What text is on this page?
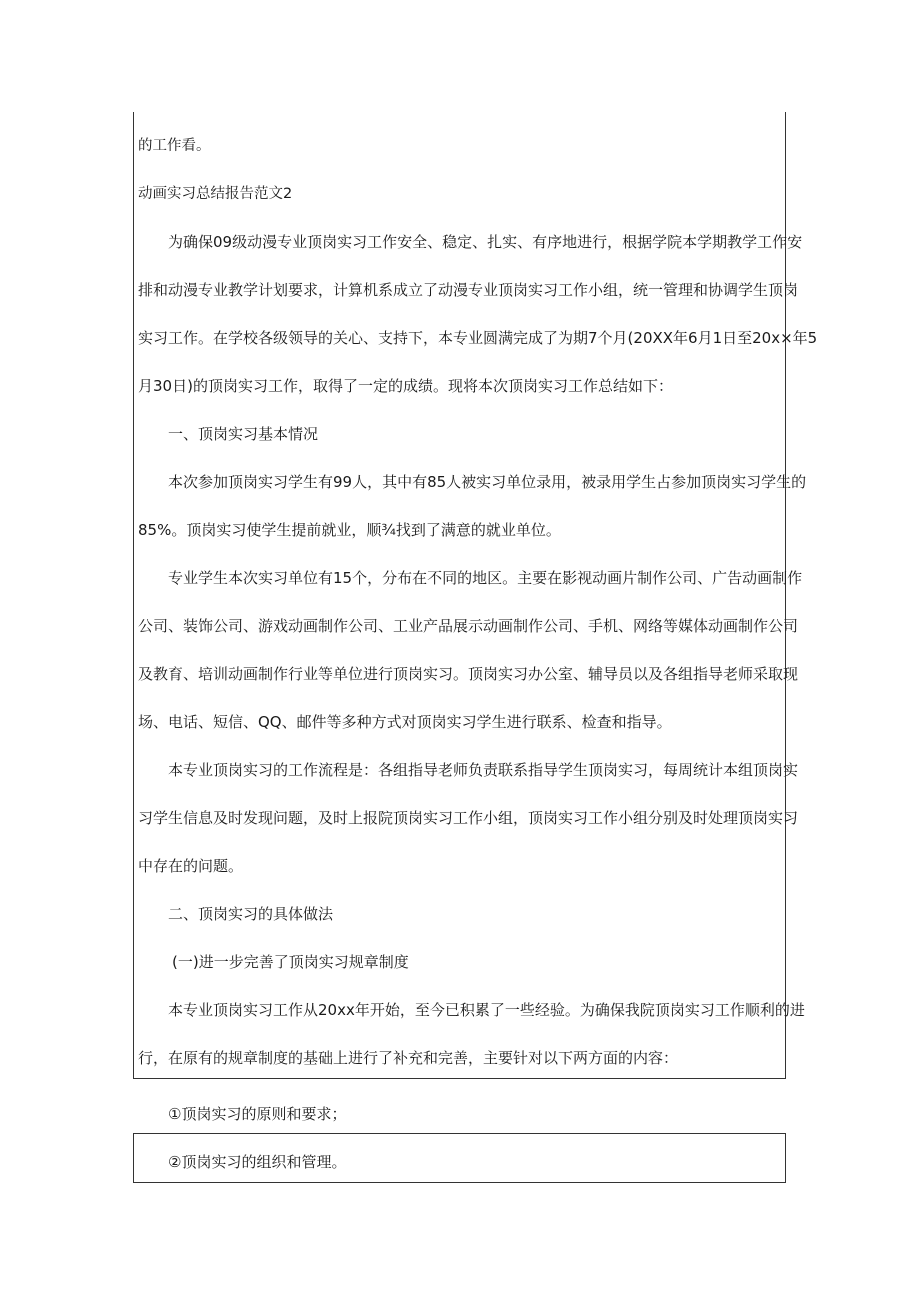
的工作看。
动画实习总结报告范文2
为确保09级动漫专业顶岗实习工作安全、稳定、扎实、有序地进行，根据学院本学期教学工作安
排和动漫专业教学计划要求，计算机系成立了动漫专业顶岗实习工作小组，统一管理和协调学生顶岗
实习工作。在学校各级领导的关心、支持下，本专业圆满完成了为期7个月(20XX年6月1日至20x×年5
月30日)的顶岗实习工作，取得了一定的成绩。现将本次顶岗实习工作总结如下：
一、顶岗实习基本情况
本次参加顶岗实习学生有99人，其中有85人被实习单位录用，被录用学生占参加顶岗实习学生的
85%。顶岗实习使学生提前就业，顺¾找到了满意的就业单位。
专业学生本次实习单位有15个，分布在不同的地区。主要在影视动画片制作公司、广告动画制作
公司、装饰公司、游戏动画制作公司、工业产品展示动画制作公司、手机、网络等媒体动画制作公司
及教育、培训动画制作行业等单位进行顶岗实习。顶岗实习办公室、辅导员以及各组指导老师采取现
场、电话、短信、QQ、邮件等多种方式对顶岗实习学生进行联系、检查和指导。
本专业顶岗实习的工作流程是：各组指导老师负责联系指导学生顶岗实习，每周统计本组顶岗实
习学生信息及时发现问题，及时上报院顶岗实习工作小组，顶岗实习工作小组分别及时处理顶岗实习
中存在的问题。
二、顶岗实习的具体做法
(一)进一步完善了顶岗实习规章制度
本专业顶岗实习工作从20xx年开始，至今已积累了一些经验。为确保我院顶岗实习工作顺利的进
行，在原有的规章制度的基础上进行了补充和完善，主要针对以下两方面的内容：
①顶岗实习的原则和要求；
②顶岗实习的组织和管理。
